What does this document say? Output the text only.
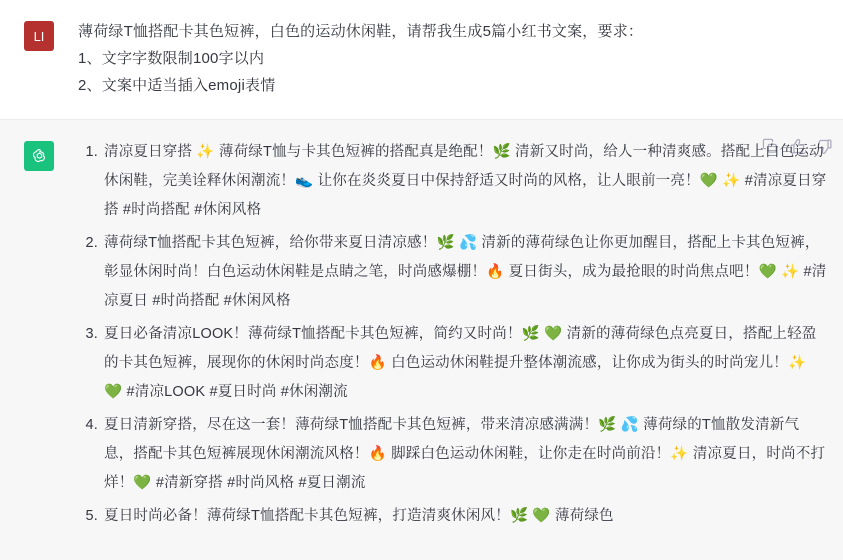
LI	薄荷绿T恤搭配卡其色短裤，白色的运动休闲鞋，请帮我生成5篇小红书文案，要求：
1、文字字数限制100字以内
2、文案中适当插入emoji表情
1. 清凉夏日穿搭 ✨ 薄荷绿T恤与卡其色短裤的搭配真是绝配！🌿 清新又时尚，给人一种清爽感。搭配上白色运动休闲鞋，完美诠释休闲潮流！👟 让你在炎炎夏日中保持舒适又时尚的风格，让人眼前一亮！💚 ✨ #清凉夏日穿搭 #时尚搭配 #休闲风格
2. 薄荷绿T恤搭配卡其色短裤，给你带来夏日清凉感！🌿 💦 清新的薄荷绿色让你更加醒目，搭配上卡其色短裤，彰显休闲时尚！白色运动休闲鞋是点睛之笔，时尚感爆棚！🔥 夏日街头，成为最抢眼的时尚焦点吧！💚 ✨ #清凉夏日 #时尚搭配 #休闲风格
3. 夏日必备清凉LOOK！薄荷绿T恤搭配卡其色短裤，简约又时尚！🌿 💚 清新的薄荷绿色点亮夏日，搭配上轻盈的卡其色短裤，展现你的休闲时尚态度！🔥 白色运动休闲鞋提升整体潮流感，让你成为街头的时尚宠儿！✨ 💚 #清凉LOOK #夏日时尚 #休闲潮流
4. 夏日清新穿搭，尽在这一套！薄荷绿T恤搭配卡其色短裤，带来清凉感满满！🌿 💦 薄荷绿的T恤散发清新气息，搭配卡其色短裤展现休闲潮流风格！🔥 脚踩白色运动休闲鞋，让你走在时尚前沿！✨ 清凉夏日，时尚不打烊！💚 #清新穿搭 #时尚风格 #夏日潮流
5. 夏日时尚必备！薄荷绿T恤搭配卡其色短裤，打造清爽休闲风！🌿 💚 薄荷绿色
